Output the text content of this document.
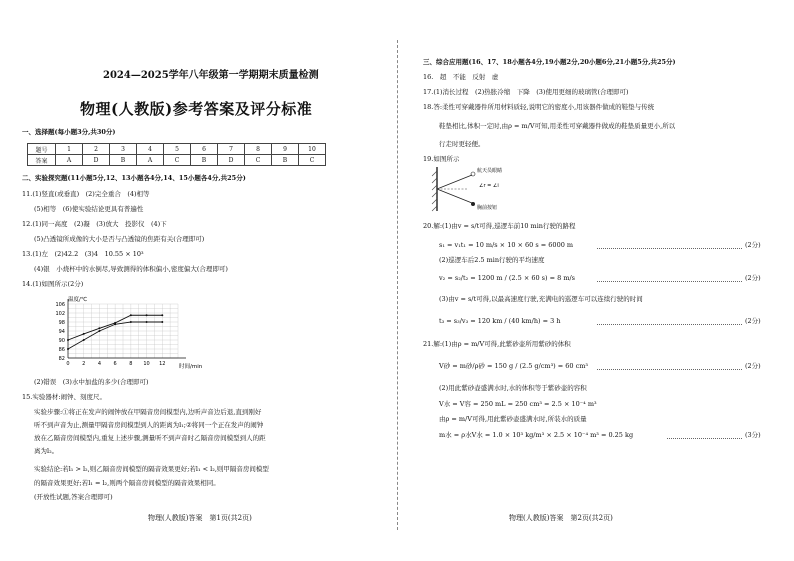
2024—2025学年八年级第一学期期末质量检测
物理(人教版)参考答案及评分标准
一、选择题(每小题3分,共30分)
题号	1	2	3	4	5	6	7	8	9	10
答案	A	D	B	A	C	B	D	C	B	C
二、实验探究题(11小题5分,12、13小题各4分,14、15小题各4分,共25分)
11.(1)竖直(或垂直)　(2)完全重合　(4)相等
(5)相等　(6)使实验结论更具有普遍性
12.(1)同一高度　(2)凝　(3)放大　投影仪　(4)下
(5)凸透镜所成像的大小是否与凸透镜的焦距有关(合理即可)
13.(1)左　(2)42.2　(3)4　10.55 × 10³
(4)银　小烧杯中的水倒尽,导致测得的体积偏小,密度偏大(合理即可)
14.(1)如图所示(2分)
0	2	4	6	8 10 12
82
86
90
94
98
102
106
温度/℃
时间/min
(2)错误　(3)水中加盐的多少(合理即可)
15.实验器材:闹钟、刻度尺。
实验步骤:①将正在发声的闹钟放在甲隔音房间模型内,边听声音边后退,直到刚好
听不到声音为止,测量甲隔音房间模型到人的距离为l₁;②将同一个正在发声的闹钟
放在乙隔音房间模型内,重复上述步骤,测量听不到声音时乙隔音房间模型到人的距
离为l₂。
实验结论:若l₁ > l₂,则乙隔音房间模型的隔音效果更好;若l₁ < l₂,则甲隔音房间模型
的隔音效果更好;若l₁ = l₂,则两个隔音房间模型的隔音效果相同。
(开放性试题,答案合理即可)
物理(人教版)答案　第1页(共2页)
三、综合应用题(16、17、18小题各4分,19小题2分,20小题6分,21小题5分,共25分)
16.　超　不能　反射　虚
17.(1)消长过程　(2)热胀冷缩　下降　(3)使用更细的玻璃管(合理即可)
18.答:柔性可穿戴器件所用材料质轻,说明它的密度小,用该器件做成的鞋垫与传统
鞋垫相比,体积一定时,由ρ = m/V可知,用柔性可穿戴器件做成的鞋垫质量更小,所以
行走时更轻便。
19.如图所示
航天员眼睛
∠r = ∠i
胸前按钮
20.解:(1)由v = s/t可得,巡逻车前10 min行驶的路程
s₁ = v₁t₁ = 10 m/s × 10 × 60 s = 6000 m	(2分)
(2)巡逻车后2.5 min行驶的平均速度
v₂ = s₂/t₂ = 1200 m / (2.5 × 60 s) = 8 m/s	(2分)
(3)由v = s/t可得,以最高速度行驶,充满电的巡逻车可以连续行驶的时间
t₃ = s₃/v₃ = 120 km / (40 km/h) = 3 h	(2分)
21.解:(1)由ρ = m/V可得,此紫砂壶所用紫砂的体积
V砂 = m砂/ρ砂 = 150 g / (2.5 g/cm³) = 60 cm³	(2分)
(2)用此紫砂壶盛满水时,水的体积等于紫砂壶的容积
V水 = V容 = 250 mL = 250 cm³ = 2.5 × 10⁻⁴ m³
由ρ = m/V可得,用此紫砂壶盛满水时,所装水的质量
m水 = ρ水V水 = 1.0 × 10³ kg/m³ × 2.5 × 10⁻⁴ m³ = 0.25 kg	(3分)
物理(人教版)答案　第2页(共2页)
